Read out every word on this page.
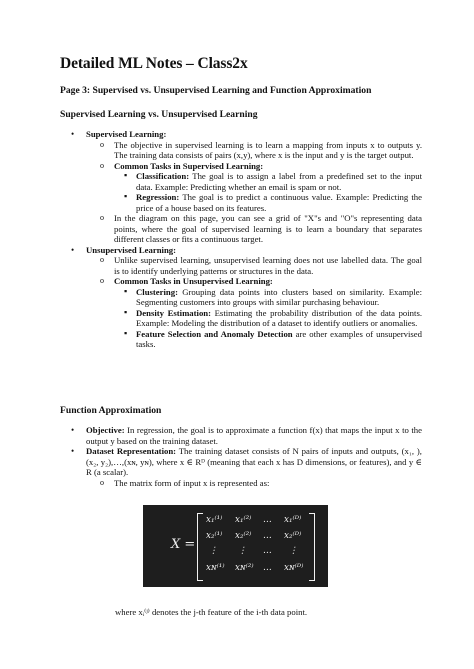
Detailed ML Notes – Class2x

Page 3: Supervised vs. Unsupervised Learning and Function Approximation

Supervised Learning vs. Unsupervised Learning

• Supervised Learning:
o The objective in supervised learning is to learn a mapping from inputs x to outputs y. The training data consists of pairs (x,y), where x is the input and y is the target output.
o Common Tasks in Supervised Learning:
▪ Classification: The goal is to assign a label from a predefined set to the input data. Example: Predicting whether an email is spam or not.
▪ Regression: The goal is to predict a continuous value. Example: Predicting the price of a house based on its features.
o In the diagram on this page, you can see a grid of "X"s and "O"s representing data points, where the goal of supervised learning is to learn a boundary that separates different classes or fits a continuous target.
• Unsupervised Learning:
o Unlike supervised learning, unsupervised learning does not use labelled data. The goal is to identify underlying patterns or structures in the data.
o Common Tasks in Unsupervised Learning:
▪ Clustering: Grouping data points into clusters based on similarity. Example: Segmenting customers into groups with similar purchasing behaviour.
▪ Density Estimation: Estimating the probability distribution of the data points. Example: Modeling the distribution of a dataset to identify outliers or anomalies.
▪ Feature Selection and Anomaly Detection are other examples of unsupervised tasks.

Function Approximation

• Objective: In regression, the goal is to approximate a function f(x) that maps the input x to the output y based on the training dataset.
• Dataset Representation: The training dataset consists of N pairs of inputs and outputs, (x₁, ),(x₂, y₂),…,(xɴ, yɴ), where x ∈ Rᴰ (meaning that each x has D dimensions, or features), and y ∈ R (a scalar).
o The matrix form of input x is represented as:
X =
x₁⁽¹⁾ x₁⁽²⁾ … x₁⁽ᴰ⁾
x₂⁽¹⁾ x₂⁽²⁾ … x₂⁽ᴰ⁾
⋮ ⋮ … ⋮
xɴ⁽¹⁾ xɴ⁽²⁾ … xɴ⁽ᴰ⁾

where xᵢ⁽ʲ⁾ denotes the j-th feature of the i-th data point.
